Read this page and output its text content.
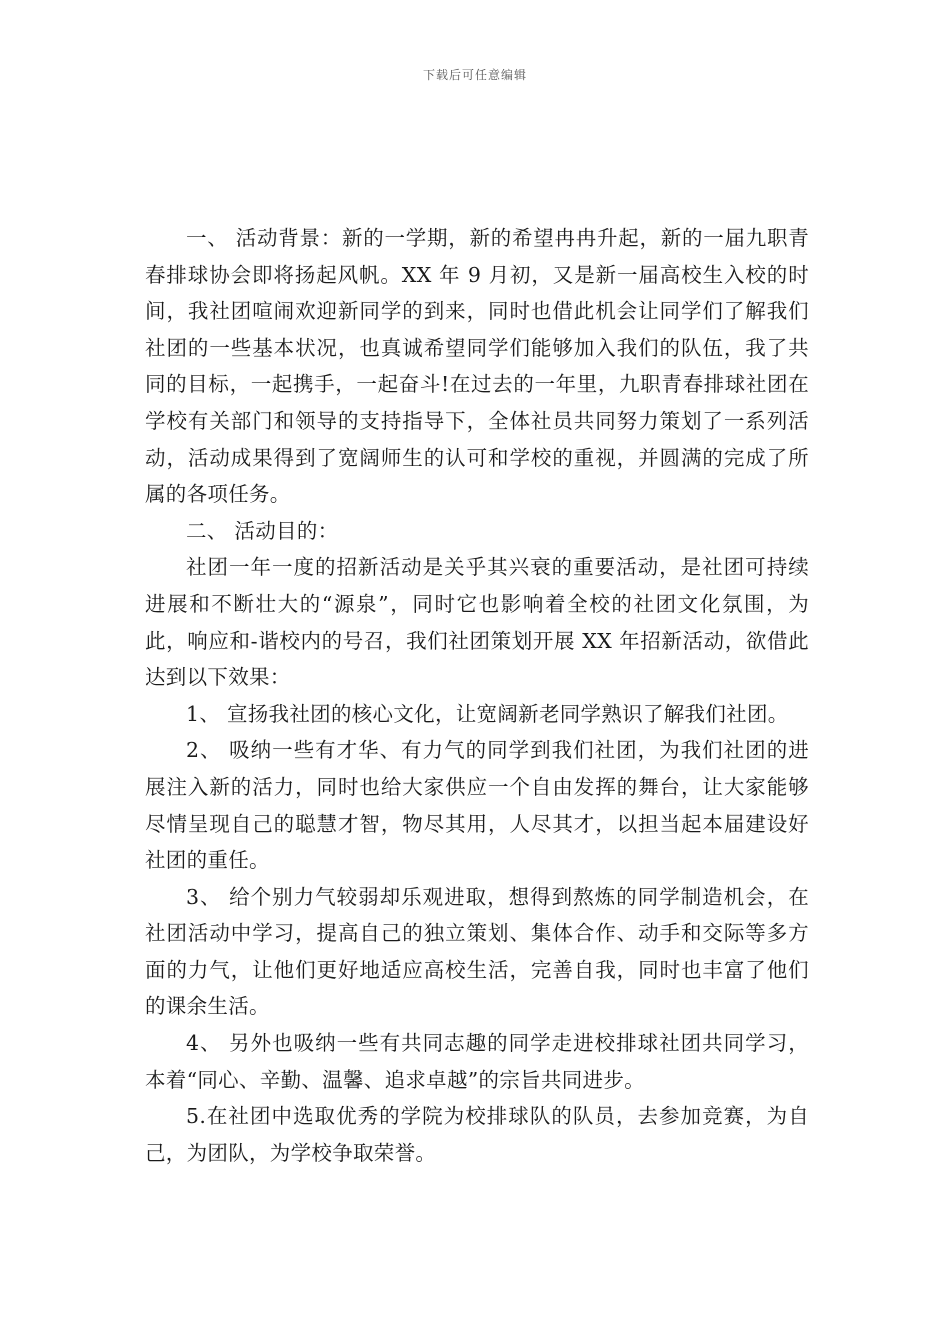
下载后可任意编辑

一、 活动背景：新的一学期，新的希望冉冉升起，新的一届九职青春排球协会即将扬起风帆。XX 年 9 月初，又是新一届高校生入校的时间，我社团喧闹欢迎新同学的到来，同时也借此机会让同学们了解我们社团的一些基本状况，也真诚希望同学们能够加入我们的队伍，我了共同的目标，一起携手，一起奋斗!在过去的一年里，九职青春排球社团在学校有关部门和领导的支持指导下，全体社员共同努力策划了一系列活动，活动成果得到了宽阔师生的认可和学校的重视，并圆满的完成了所属的各项任务。

二、 活动目的：

社团一年一度的招新活动是关乎其兴衰的重要活动，是社团可持续进展和不断壮大的“源泉”，同时它也影响着全校的社团文化氛围，为此，响应和-谐校内的号召，我们社团策划开展 XX 年招新活动，欲借此达到以下效果：

1、 宣扬我社团的核心文化，让宽阔新老同学熟识了解我们社团。

2、 吸纳一些有才华、有力气的同学到我们社团，为我们社团的进展注入新的活力，同时也给大家供应一个自由发挥的舞台，让大家能够尽情呈现自己的聪慧才智，物尽其用，人尽其才，以担当起本届建设好社团的重任。

3、 给个别力气较弱却乐观进取，想得到熬炼的同学制造机会，在社团活动中学习，提高自己的独立策划、集体合作、动手和交际等多方面的力气，让他们更好地适应高校生活，完善自我，同时也丰富了他们的课余生活。

4、 另外也吸纳一些有共同志趣的同学走进校排球社团共同学习，本着“同心、辛勤、温馨、追求卓越”的宗旨共同进步。

5.在社团中选取优秀的学院为校排球队的队员，去参加竞赛，为自己，为团队，为学校争取荣誉。
